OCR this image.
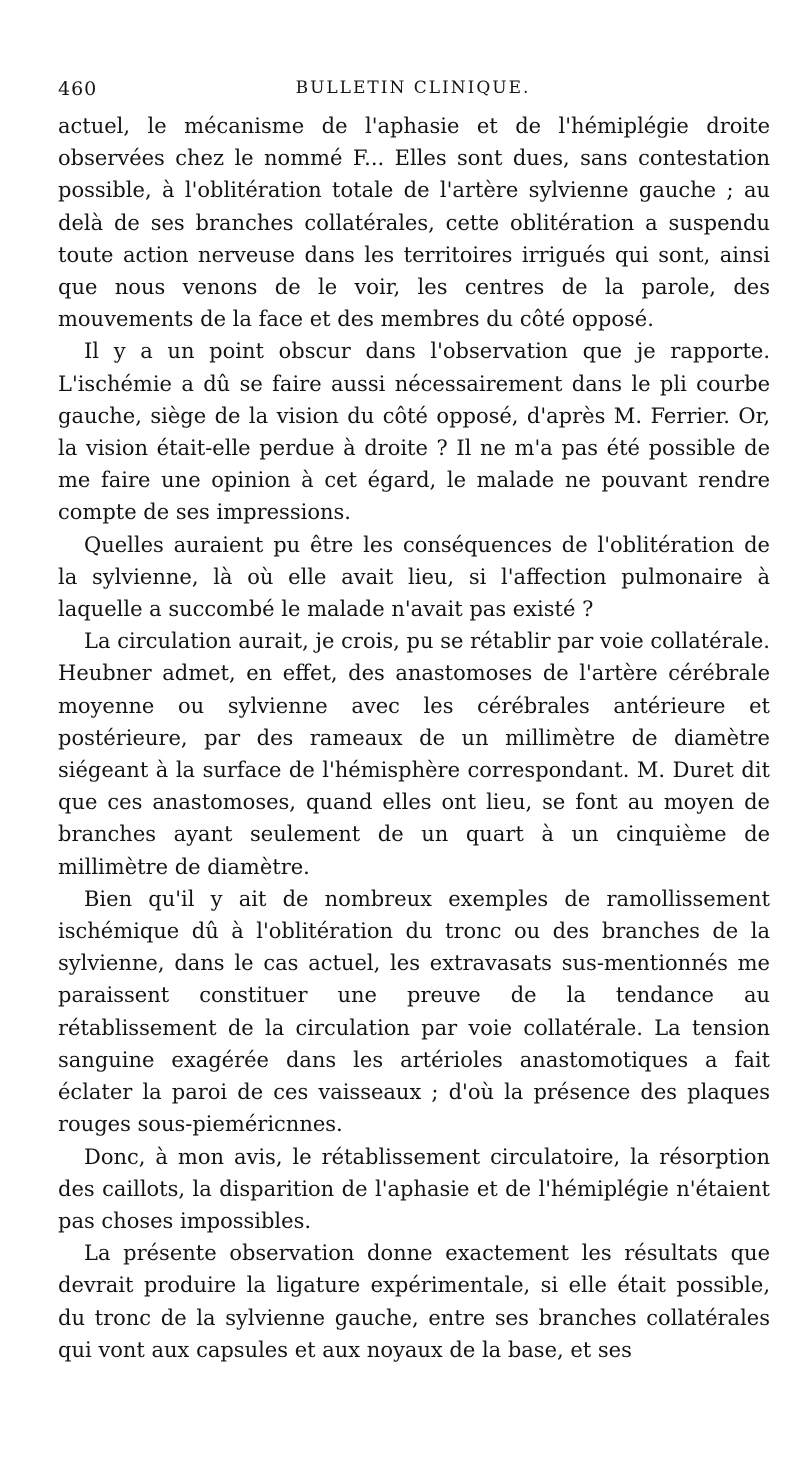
460	BULLETIN CLINIQUE.

actuel, le mécanisme de l'aphasie et de l'hémiplégie droite observées chez le nommé F... Elles sont dues, sans contestation possible, à l'oblitération totale de l'artère sylvienne gauche ; au delà de ses branches collatérales, cette oblitération a suspendu toute action nerveuse dans les territoires irrigués qui sont, ainsi que nous venons de le voir, les centres de la parole, des mouvements de la face et des membres du côté opposé.

Il y a un point obscur dans l'observation que je rapporte. L'ischémie a dû se faire aussi nécessairement dans le pli courbe gauche, siège de la vision du côté opposé, d'après M. Ferrier. Or, la vision était-elle perdue à droite ? Il ne m'a pas été possible de me faire une opinion à cet égard, le malade ne pouvant rendre compte de ses impressions.

Quelles auraient pu être les conséquences de l'oblitération de la sylvienne, là où elle avait lieu, si l'affection pulmonaire à laquelle a succombé le malade n'avait pas existé ?

La circulation aurait, je crois, pu se rétablir par voie collatérale. Heubner admet, en effet, des anastomoses de l'artère cérébrale moyenne ou sylvienne avec les cérébrales antérieure et postérieure, par des rameaux de un millimètre de diamètre siégeant à la surface de l'hémisphère correspondant. M. Duret dit que ces anastomoses, quand elles ont lieu, se font au moyen de branches ayant seulement de un quart à un cinquième de millimètre de diamètre.

Bien qu'il y ait de nombreux exemples de ramollissement ischémique dû à l'oblitération du tronc ou des branches de la sylvienne, dans le cas actuel, les extravasats sus-mentionnés me paraissent constituer une preuve de la tendance au rétablissement de la circulation par voie collatérale. La tension sanguine exagérée dans les artérioles anastomotiques a fait éclater la paroi de ces vaisseaux ; d'où la présence des plaques rouges sous-pieméricnnes.

Donc, à mon avis, le rétablissement circulatoire, la résorption des caillots, la disparition de l'aphasie et de l'hémiplégie n'étaient pas choses impossibles.

La présente observation donne exactement les résultats que devrait produire la ligature expérimentale, si elle était possible, du tronc de la sylvienne gauche, entre ses branches collatérales qui vont aux capsules et aux noyaux de la base, et ses
